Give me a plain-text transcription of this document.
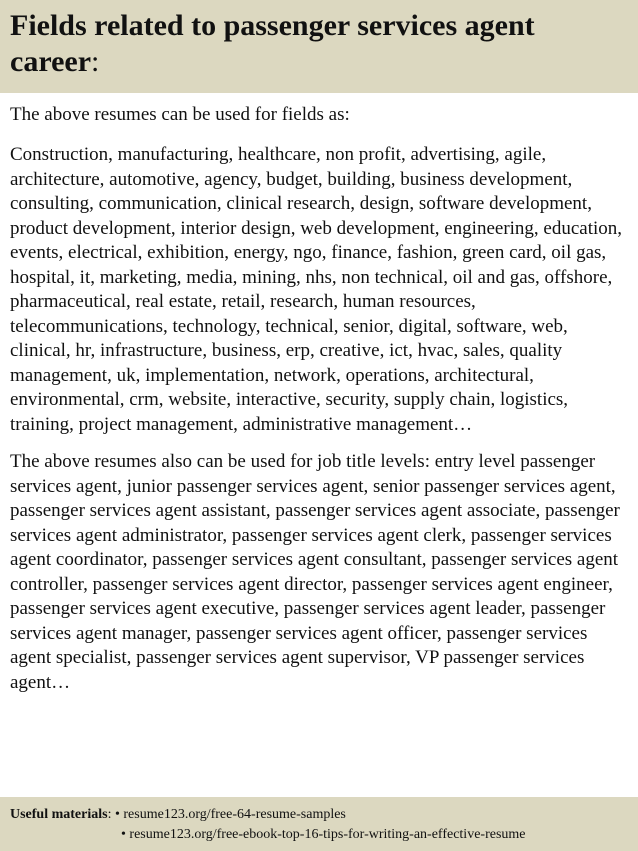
Fields related to passenger services agent career:

The above resumes can be used for fields as:

Construction, manufacturing, healthcare, non profit, advertising, agile, architecture, automotive, agency, budget, building, business development, consulting, communication, clinical research, design, software development, product development, interior design, web development, engineering, education, events, electrical, exhibition, energy, ngo, finance, fashion, green card, oil gas, hospital, it, marketing, media, mining, nhs, non technical, oil and gas, offshore, pharmaceutical, real estate, retail, research, human resources, telecommunications, technology, technical, senior, digital, software, web, clinical, hr, infrastructure, business, erp, creative, ict, hvac, sales, quality management, uk, implementation, network, operations, architectural, environmental, crm, website, interactive, security, supply chain, logistics, training, project management, administrative management…

The above resumes also can be used for job title levels: entry level passenger services agent, junior passenger services agent, senior passenger services agent, passenger services agent assistant, passenger services agent associate, passenger services agent administrator, passenger services agent clerk, passenger services agent coordinator, passenger services agent consultant, passenger services agent controller, passenger services agent director, passenger services agent engineer, passenger services agent executive, passenger services agent leader, passenger services agent manager, passenger services agent officer, passenger services agent specialist, passenger services agent supervisor, VP passenger services agent…

Useful materials: • resume123.org/free-64-resume-samples
• resume123.org/free-ebook-top-16-tips-for-writing-an-effective-resume
